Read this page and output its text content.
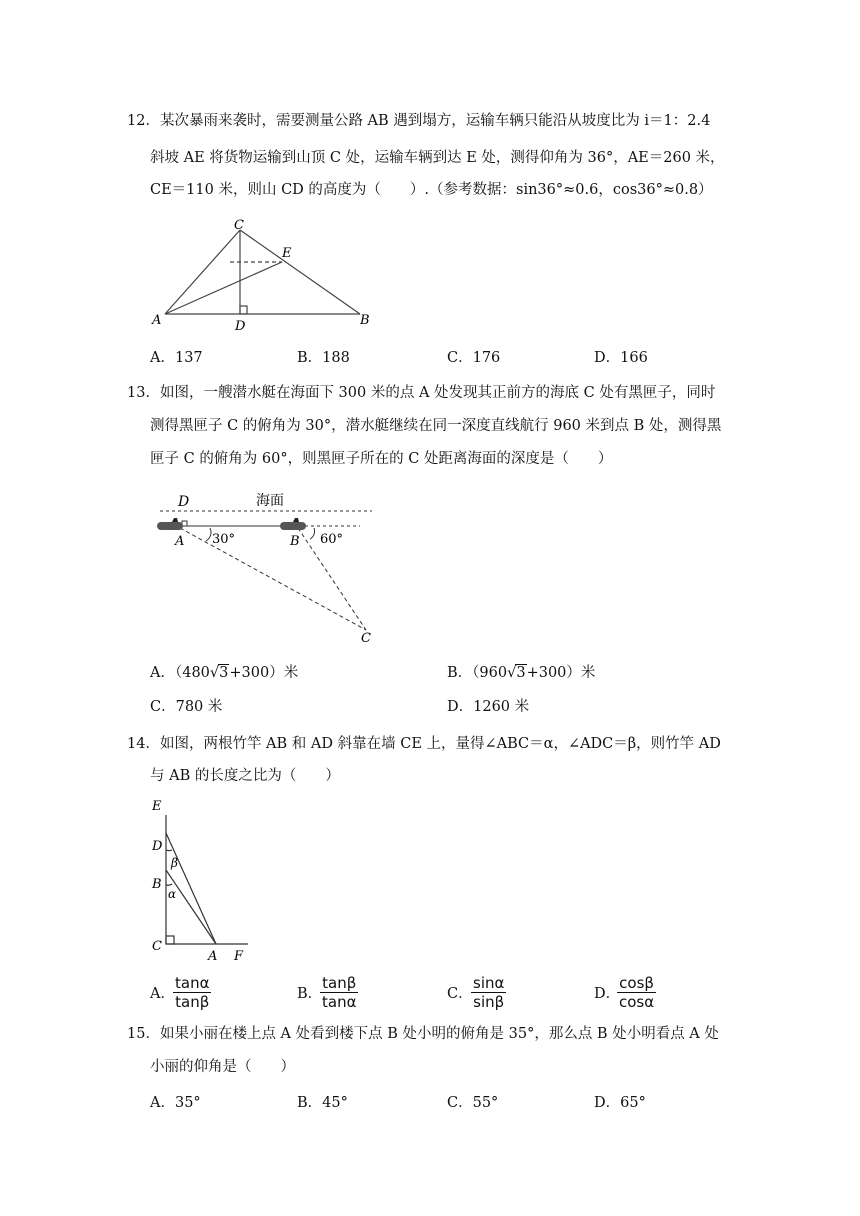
12．某次暴雨来袭时，需要测量公路 AB 遇到塌方，运输车辆只能沿从坡度比为 i＝1：2.4
斜坡 AE 将货物运输到山顶 C 处，运输车辆到达 E 处，测得仰角为 36°，AE＝260 米，
CE＝110 米，则山 CD 的高度为（　　）.（参考数据：sin36°≈0.6，cos36°≈0.8）
C
E
A	D	B
A．137	B．188	C．176	D．166
13．如图，一艘潜水艇在海面下 300 米的点 A 处发现其正前方的海底 C 处有黑匣子，同时
测得黑匣子 C 的俯角为 30°，潜水艇继续在同一深度直线航行 960 米到点 B 处，测得黑
匣子 C 的俯角为 60°，则黑匣子所在的 C 处距离海面的深度是（　　）
D	海面
A 30°	B 60°
C
A．（480√3+300）米	B．（960√3+300）米
C．780 米	D．1260 米
14．如图，两根竹竿 AB 和 AD 斜靠在墙 CE 上，量得∠ABC＝α，∠ADC＝β，则竹竿 AD
与 AB 的长度之比为（　　）
E
D
β
B
α
C
A F
A．
$\frac{\tan\alpha}{\tan\beta}$	B．
$\frac{\tan\beta}{\tan\alpha}$	C．
$\frac{\sin\alpha}{\sin\beta}$	D．
$\frac{\cos\beta}{\cos\alpha}$
15．如果小丽在楼上点 A 处看到楼下点 B 处小明的俯角是 35°，那么点 B 处小明看点 A 处
小丽的仰角是（　　）
A．35°	B．45°	C．55°	D．65°
